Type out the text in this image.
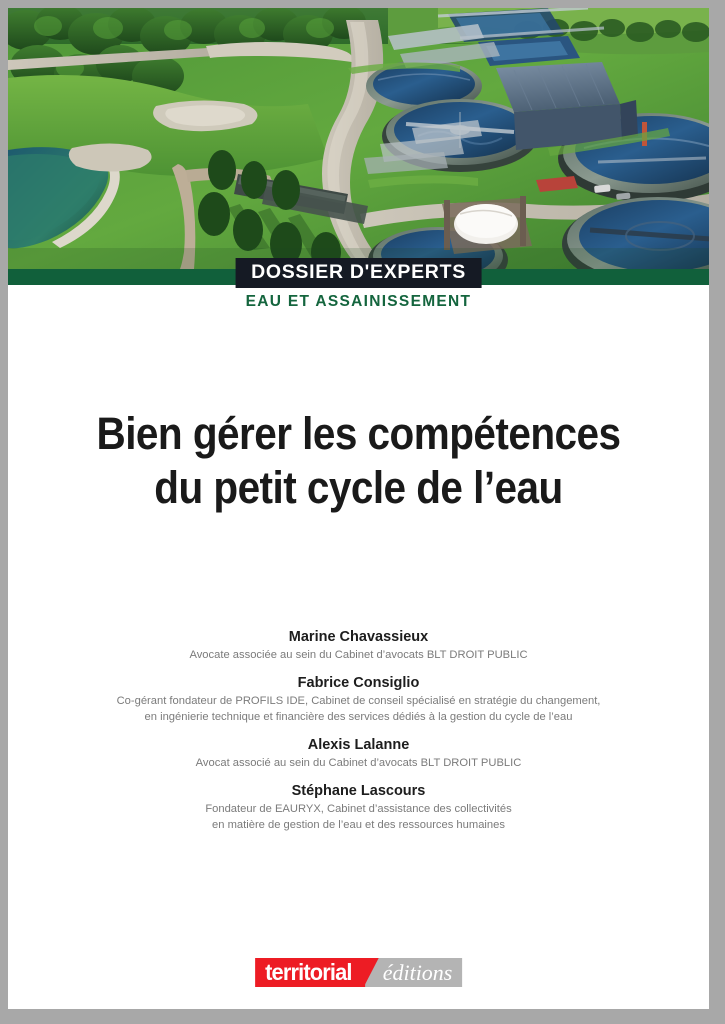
DOSSIER D'EXPERTS
EAU ET ASSAINISSEMENT
Bien gérer les compétences
du petit cycle de l’eau
Marine Chavassieux
Avocate associée au sein du Cabinet d’avocats BLT DROIT PUBLIC
Fabrice Consiglio
Co-gérant fondateur de PROFILS IDE, Cabinet de conseil spécialisé en stratégie du changement,
en ingénierie technique et financière des services dédiés à la gestion du cycle de l’eau
Alexis Lalanne
Avocat associé au sein du Cabinet d’avocats BLT DROIT PUBLIC
Stéphane Lascours
Fondateur de EAURYX, Cabinet d’assistance des collectivités
en matière de gestion de l’eau et des ressources humaines
territorial éditions
